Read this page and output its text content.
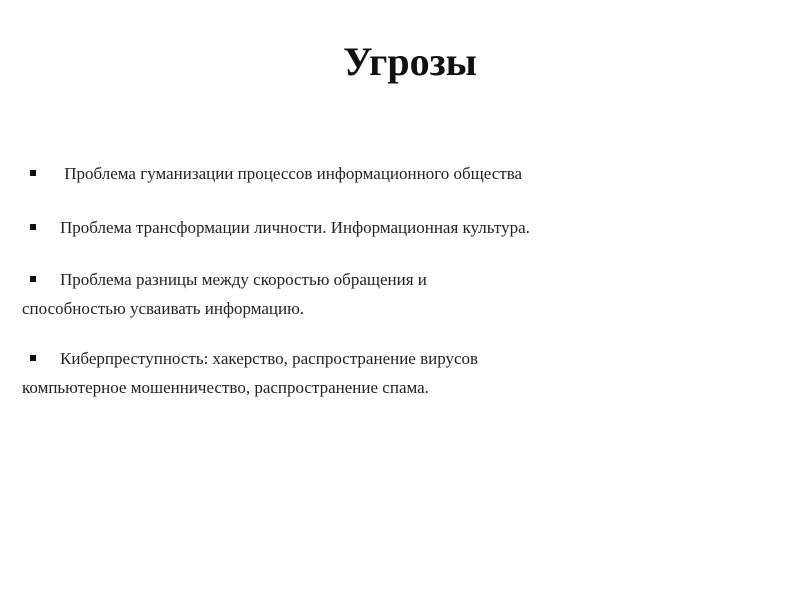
Угрозы
Проблема гуманизации процессов информационного общества
Проблема трансформации личности. Информационная культура.
Проблема разницы между скоростью обращения и
способностью усваивать информацию.
Киберпреступность: хакерство, распространение вирусов
компьютерное мошенничество, распространение спама.
